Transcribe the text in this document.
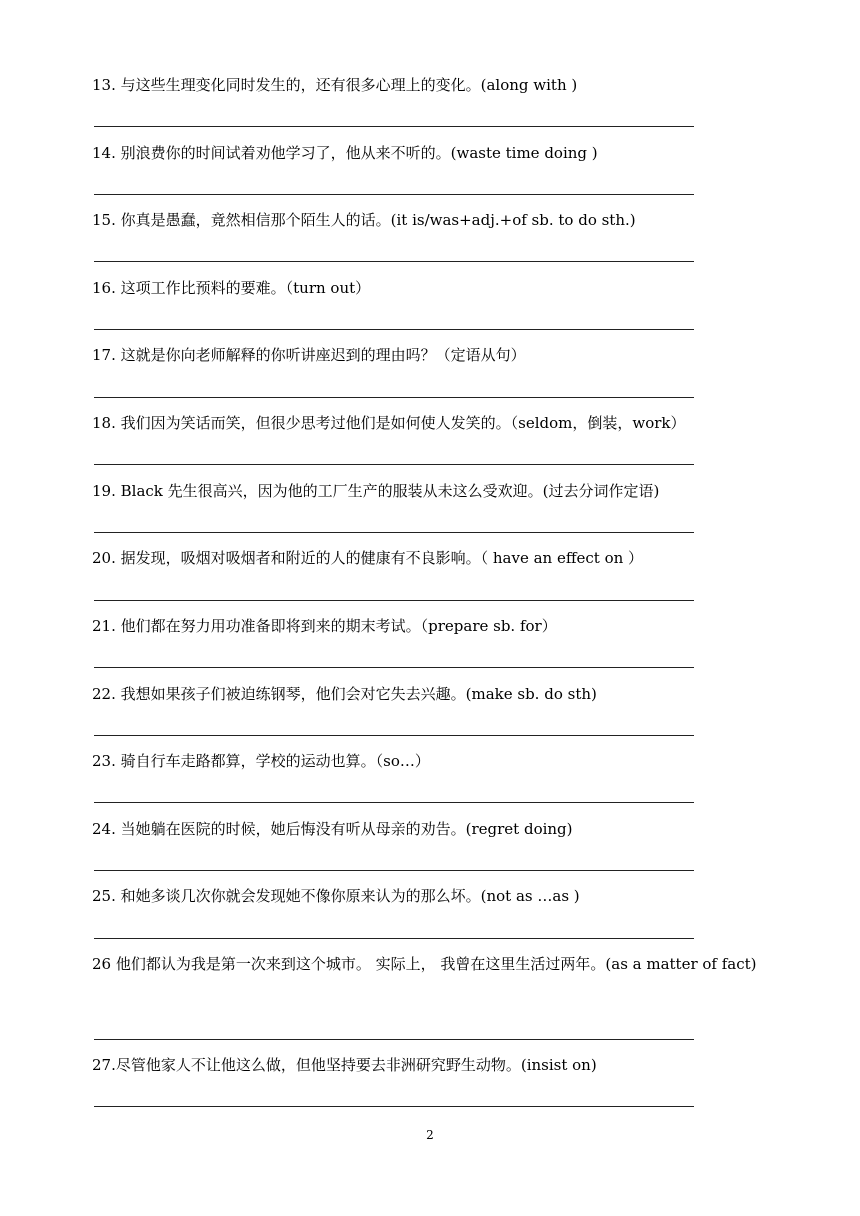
13. 与这些生理变化同时发生的，还有很多心理上的变化。(along with )
14. 别浪费你的时间试着劝他学习了，他从来不听的。(waste time doing )
15. 你真是愚蠢，竟然相信那个陌生人的话。(it is/was+adj.+of sb. to do sth.)
16. 这项工作比预料的要难。（turn out）
17. 这就是你向老师解释的你听讲座迟到的理由吗？（定语从句）
18. 我们因为笑话而笑，但很少思考过他们是如何使人发笑的。（seldom，倒装，work）
19. Black 先生很高兴，因为他的工厂生产的服装从未这么受欢迎。(过去分词作定语)
20. 据发现，吸烟对吸烟者和附近的人的健康有不良影响。（ have an effect on ）
21. 他们都在努力用功准备即将到来的期末考试。（prepare sb. for）
22. 我想如果孩子们被迫练钢琴，他们会对它失去兴趣。(make sb. do sth)
23. 骑自行车走路都算，学校的运动也算。（so…）
24. 当她躺在医院的时候，她后悔没有听从母亲的劝告。(regret doing)
25. 和她多谈几次你就会发现她不像你原来认为的那么坏。(not as …as )
26 他们都认为我是第一次来到这个城市。 实际上， 我曾在这里生活过两年。(as a matter of fact)
27.尽管他家人不让他这么做，但他坚持要去非洲研究野生动物。(insist on)
2
